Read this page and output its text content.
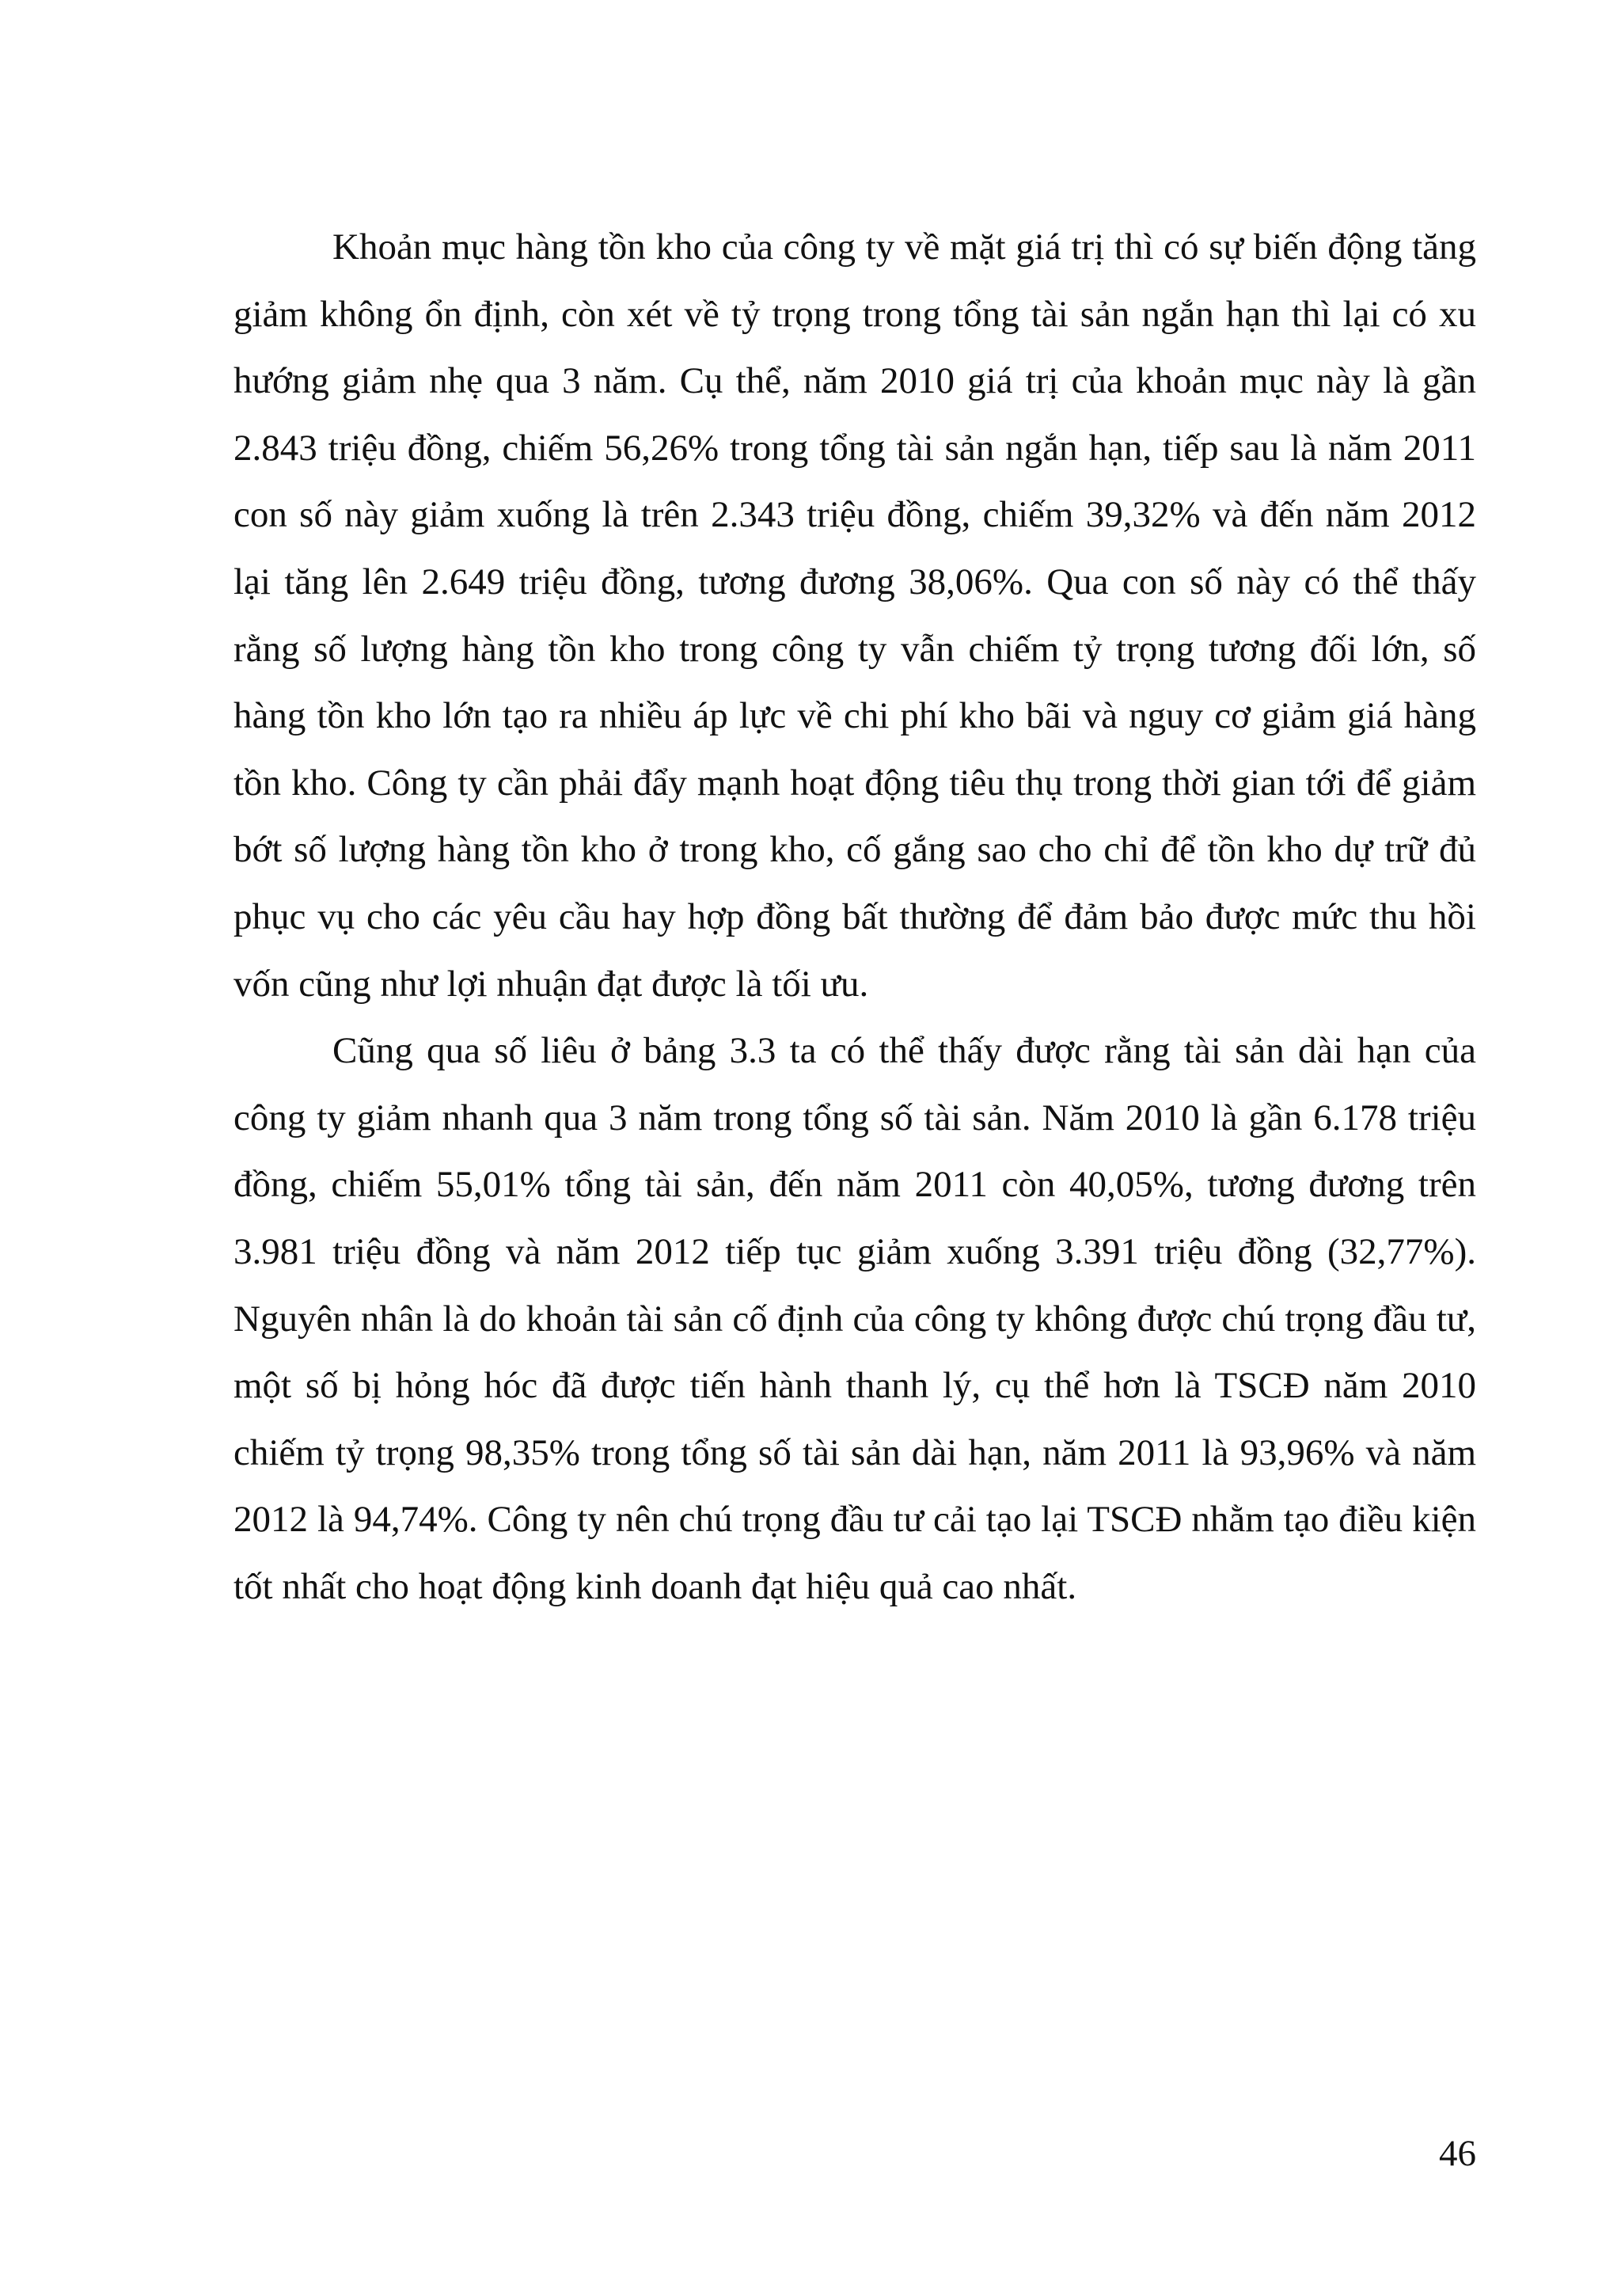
Khoản mục hàng tồn kho của công ty về mặt giá trị thì có sự biến động tăng giảm không ổn định, còn xét về tỷ trọng trong tổng tài sản ngắn hạn thì lại có xu hướng giảm nhẹ qua 3 năm. Cụ thể, năm 2010 giá trị của khoản mục này là gần 2.843 triệu đồng, chiếm 56,26% trong tổng tài sản ngắn hạn, tiếp sau là năm 2011 con số này giảm xuống là trên 2.343 triệu đồng, chiếm 39,32% và đến năm 2012 lại tăng lên 2.649 triệu đồng, tương đương 38,06%. Qua con số này có thể thấy rằng số lượng hàng tồn kho trong công ty vẫn chiếm tỷ trọng tương đối lớn, số hàng tồn kho lớn tạo ra nhiều áp lực về chi phí kho bãi và nguy cơ giảm giá hàng tồn kho. Công ty cần phải đẩy mạnh hoạt động tiêu thụ trong thời gian tới để giảm bớt số lượng hàng tồn kho ở trong kho, cố gắng sao cho chỉ để tồn kho dự trữ đủ phục vụ cho các yêu cầu hay hợp đồng bất thường để đảm bảo được mức thu hồi vốn cũng như lợi nhuận đạt được là tối ưu.

Cũng qua số liêu ở bảng 3.3 ta có thể thấy được rằng tài sản dài hạn của công ty giảm nhanh qua 3 năm trong tổng số tài sản. Năm 2010 là gần 6.178 triệu đồng, chiếm 55,01% tổng tài sản, đến năm 2011 còn 40,05%, tương đương trên 3.981 triệu đồng và năm 2012 tiếp tục giảm xuống 3.391 triệu đồng (32,77%). Nguyên nhân là do khoản tài sản cố định của công ty không được chú trọng đầu tư, một số bị hỏng hóc đã được tiến hành thanh lý, cụ thể hơn là TSCĐ năm 2010 chiếm tỷ trọng 98,35% trong tổng số tài sản dài hạn, năm 2011 là 93,96% và năm 2012 là 94,74%. Công ty nên chú trọng đầu tư cải tạo lại TSCĐ nhằm tạo điều kiện tốt nhất cho hoạt động kinh doanh đạt hiệu quả cao nhất.

46
